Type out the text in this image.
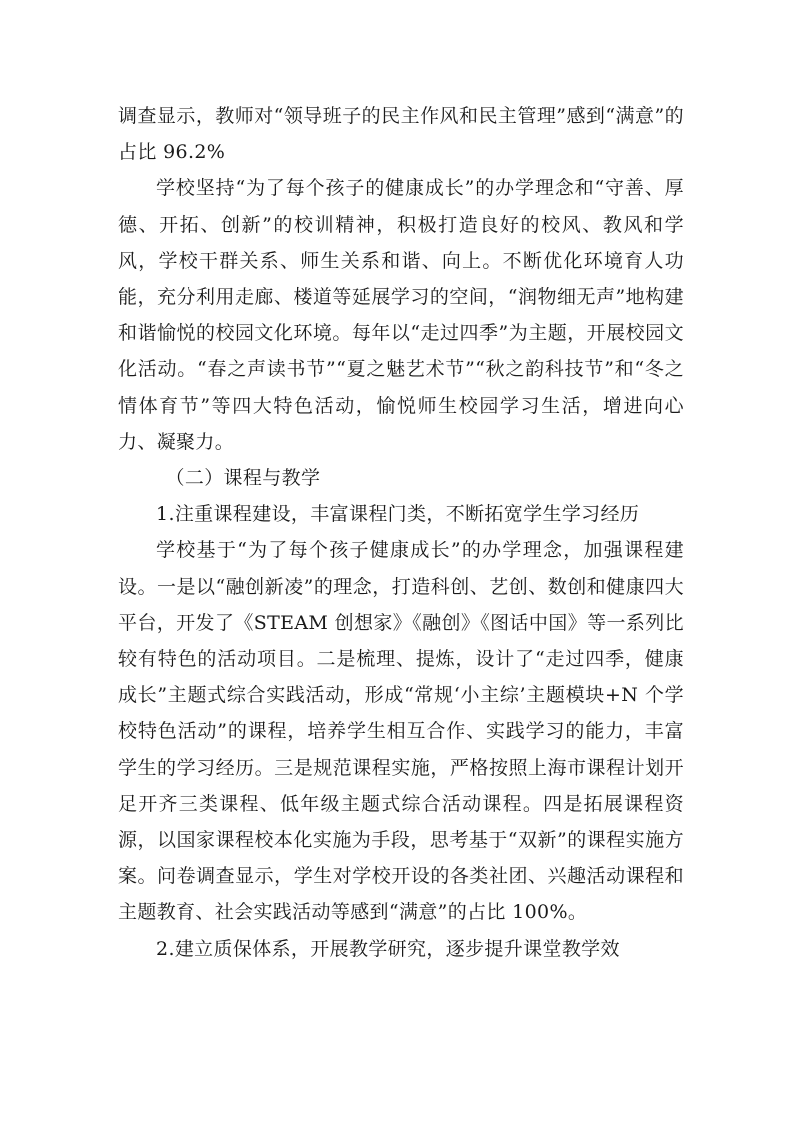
调查显示，教师对“领导班子的民主作风和民主管理”感到“满意”的占比 96.2%

学校坚持“为了每个孩子的健康成长”的办学理念和“守善、厚德、开拓、创新”的校训精神，积极打造良好的校风、教风和学风，学校干群关系、师生关系和谐、向上。不断优化环境育人功能，充分利用走廊、楼道等延展学习的空间，“润物细无声”地构建和谐愉悦的校园文化环境。每年以“走过四季”为主题，开展校园文化活动。“春之声读书节”“夏之魅艺术节”“秋之韵科技节”和“冬之情体育节”等四大特色活动，愉悦师生校园学习生活，增进向心力、凝聚力。

（二）课程与教学

1.注重课程建设，丰富课程门类，不断拓宽学生学习经历

学校基于“为了每个孩子健康成长”的办学理念，加强课程建设。一是以“融创新凌”的理念，打造科创、艺创、数创和健康四大平台，开发了《STEAM 创想家》《融创》《图话中国》等一系列比较有特色的活动项目。二是梳理、提炼，设计了“走过四季，健康成长”主题式综合实践活动，形成“常规‘小主综’主题模块+N 个学校特色活动”的课程，培养学生相互合作、实践学习的能力，丰富学生的学习经历。三是规范课程实施，严格按照上海市课程计划开足开齐三类课程、低年级主题式综合活动课程。四是拓展课程资源，以国家课程校本化实施为手段，思考基于“双新”的课程实施方案。问卷调查显示，学生对学校开设的各类社团、兴趣活动课程和主题教育、社会实践活动等感到“满意”的占比 100%。

2.建立质保体系，开展教学研究，逐步提升课堂教学效
